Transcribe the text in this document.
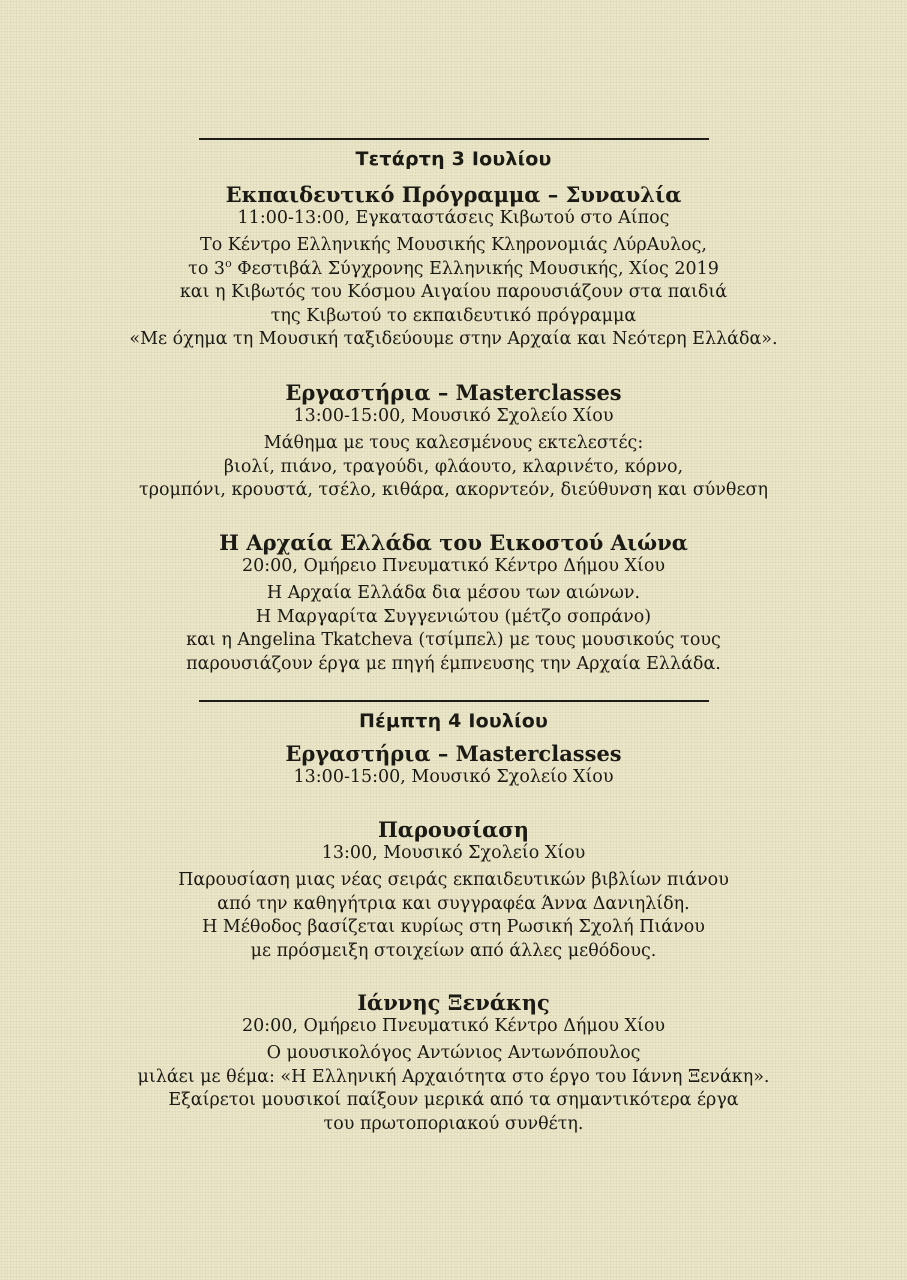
Τετάρτη 3 Ιουλίου

Εκπαιδευτικό Πρόγραμμα – Συναυλία

11:00-13:00, Εγκαταστάσεις Κιβωτού στο Αίπος

Το Κέντρο Ελληνικής Μουσικής Κληρονομιάς ΛύρΑυλος,
το $3^o$ Φεστιβάλ Σύγχρονης Ελληνικής Μουσικής, Χίος 2019
και η Κιβωτός του Κόσμου Αιγαίου παρουσιάζουν στα παιδιά
της Κιβωτού το εκπαιδευτικό πρόγραμμα
«Με όχημα τη Μουσική ταξιδεύουμε στην Αρχαία και Νεότερη Ελλάδα».

Εργαστήρια – Masterclasses

13:00-15:00, Μουσικό Σχολείο Χίου

Μάθημα με τους καλεσμένους εκτελεστές:
βιολί, πιάνο, τραγούδι, φλάουτο, κλαρινέτο, κόρνο,
τρομπόνι, κρουστά, τσέλο, κιθάρα, ακορντεόν, διεύθυνση και σύνθεση

Η Αρχαία Ελλάδα του Εικοστού Αιώνα

20:00, Ομήρειο Πνευματικό Κέντρο Δήμου Χίου

Η Αρχαία Ελλάδα δια μέσου των αιώνων.
Η Μαργαρίτα Συγγενιώτου (μέτζο σοπράνο)
και η Angelina Tkatcheva (τσίμπελ) με τους μουσικούς τους
παρουσιάζουν έργα με πηγή έμπνευσης την Αρχαία Ελλάδα.
Πέμπτη 4 Ιουλίου

Εργαστήρια – Masterclasses

13:00-15:00, Μουσικό Σχολείο Χίου

Παρουσίαση

13:00, Μουσικό Σχολείο Χίου

Παρουσίαση μιας νέας σειράς εκπαιδευτικών βιβλίων πιάνου
από την καθηγήτρια και συγγραφέα Άννα Δανιηλίδη.
Η Μέθοδος βασίζεται κυρίως στη Ρωσική Σχολή Πιάνου
με πρόσμειξη στοιχείων από άλλες μεθόδους.

Ιάννης Ξενάκης

20:00, Ομήρειο Πνευματικό Κέντρο Δήμου Χίου

Ο μουσικολόγος Αντώνιος Αντωνόπουλος
μιλάει με θέμα: «Η Ελληνική Αρχαιότητα στο έργο του Ιάννη Ξενάκη».
Εξαίρετοι μουσικοί παίξουν μερικά από τα σημαντικότερα έργα
του πρωτοποριακού συνθέτη.
